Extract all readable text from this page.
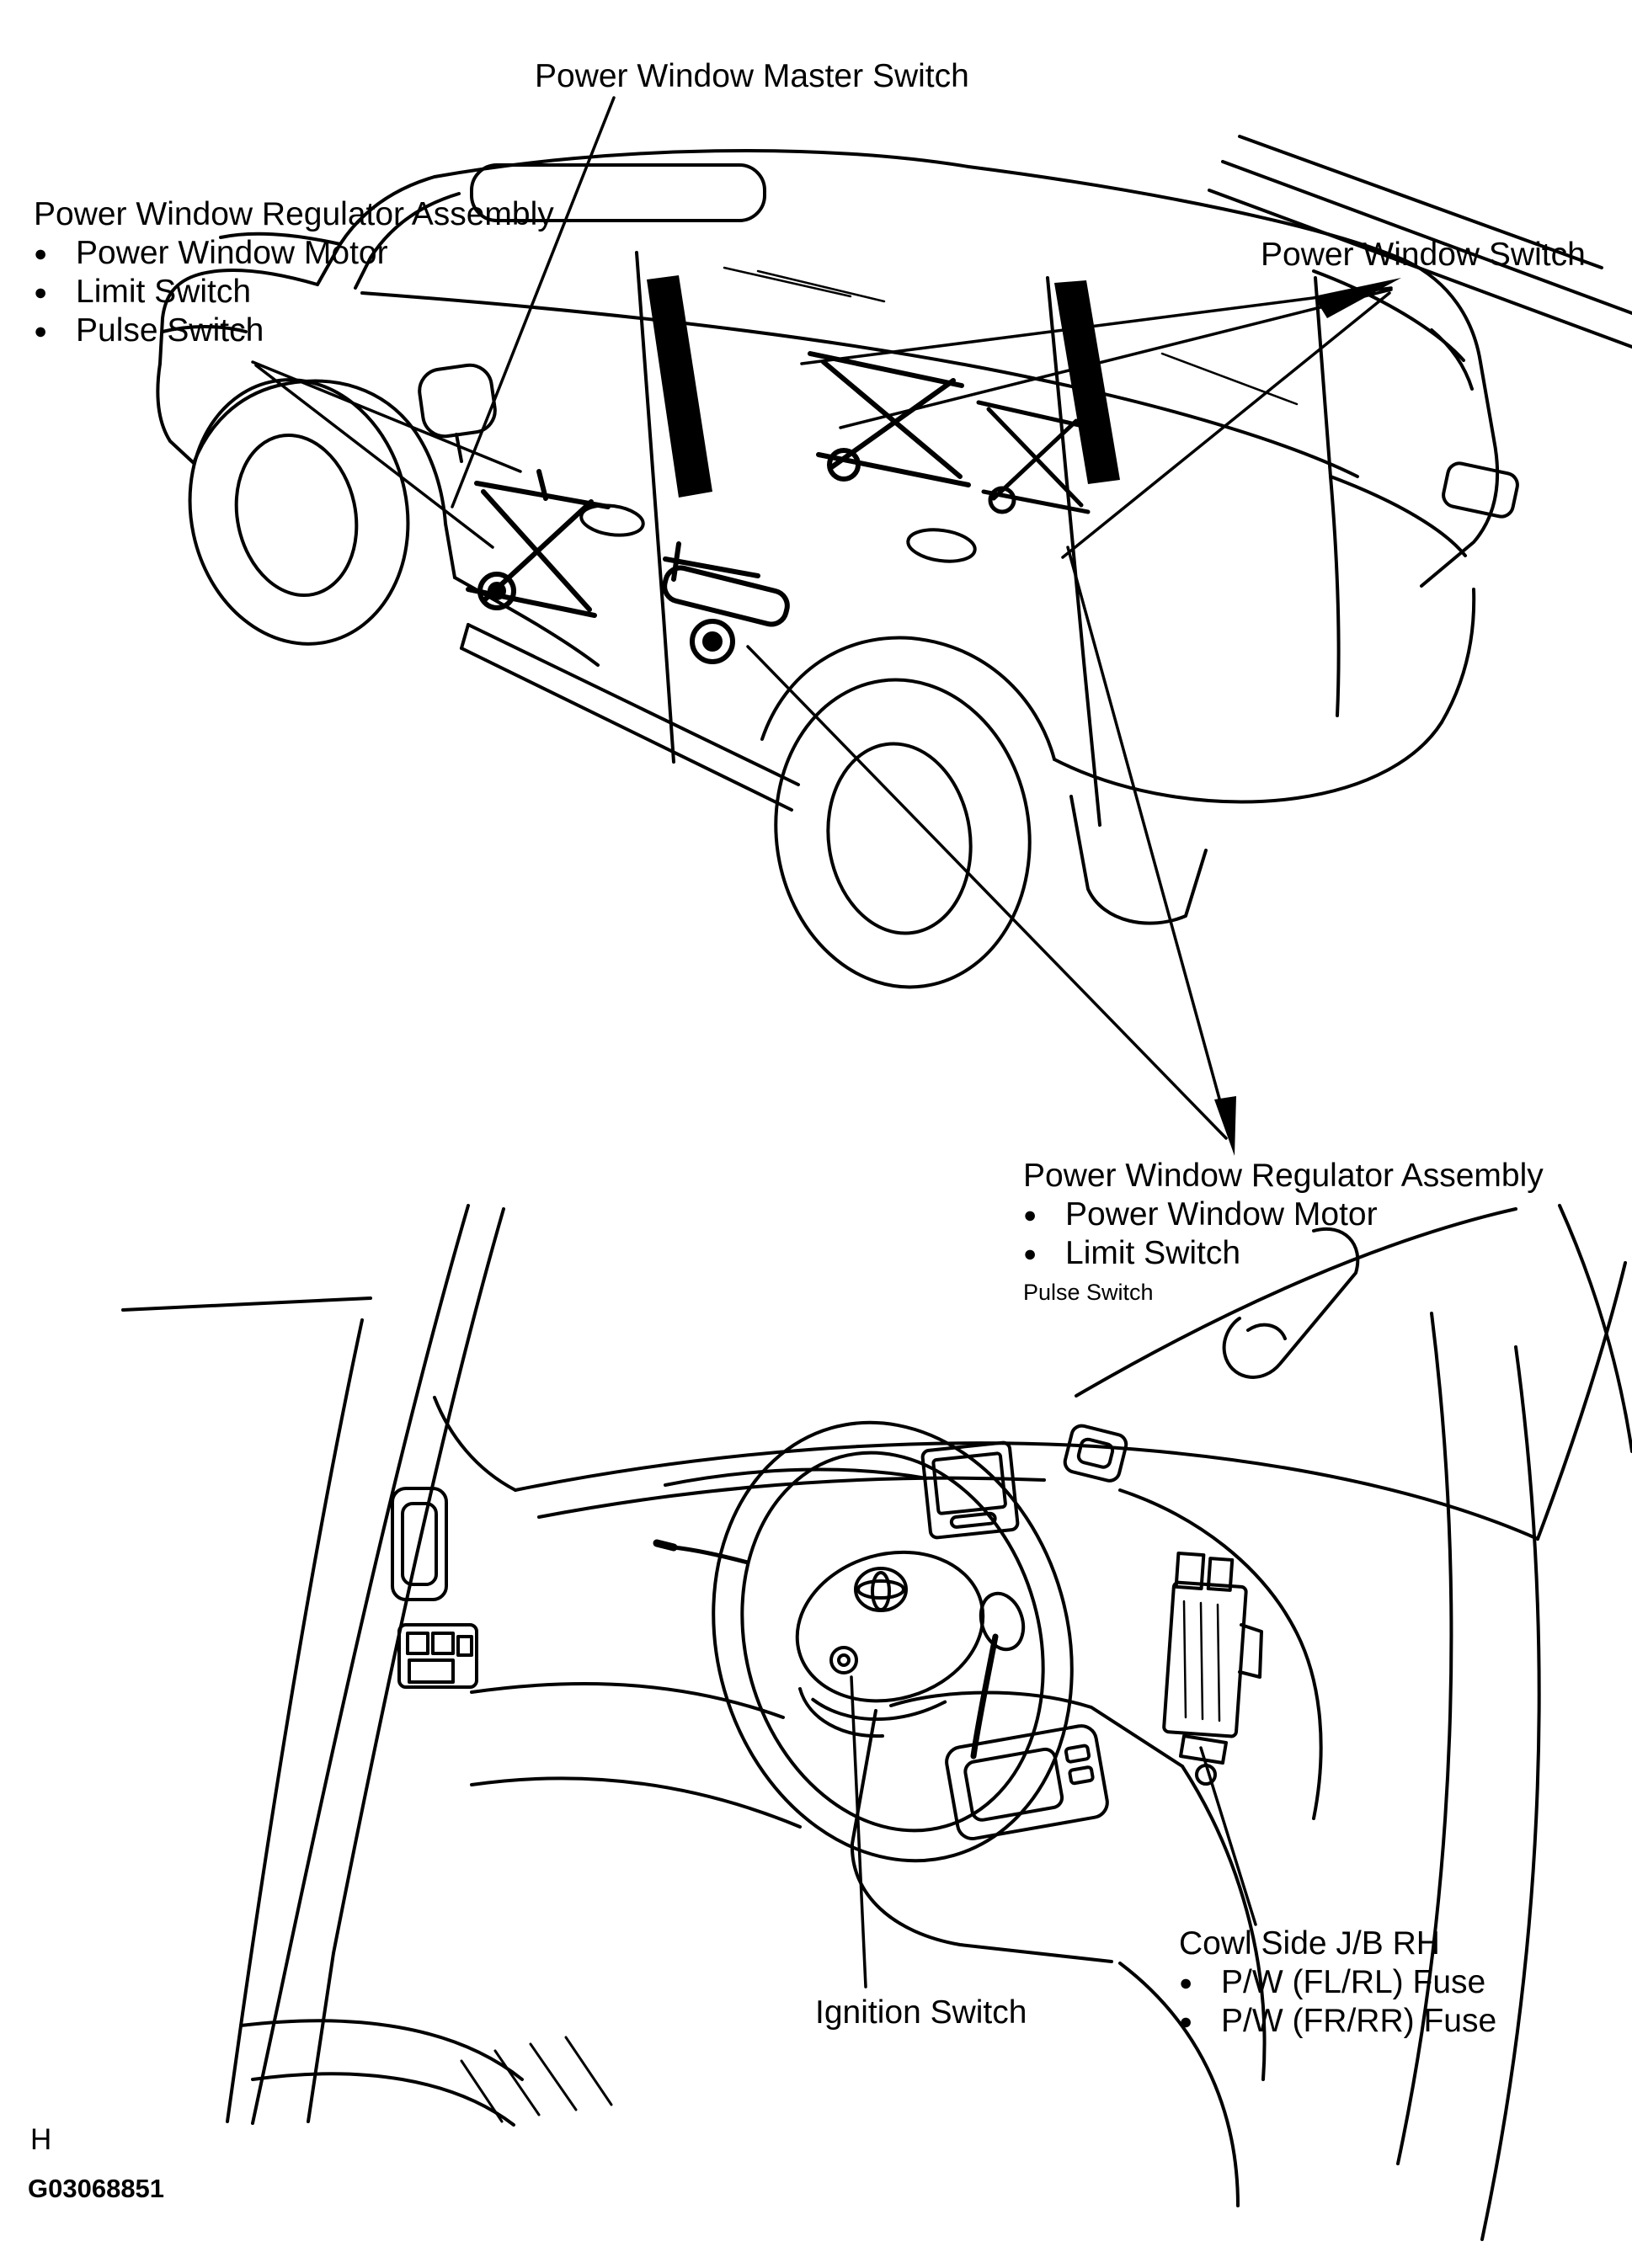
Power Window Master Switch
Power Window Regulator Assembly
● Power Window Motor
● Limit Switch
● Pulse Switch
Power Window Switch
Power Window Regulator Assembly
● Power Window Motor
● Limit Switch
Pulse Switch
Ignition Switch
Cowl Side J/B RH
● P/W (FL/RL) Fuse
● P/W (FR/RR) Fuse
H
G03068851
